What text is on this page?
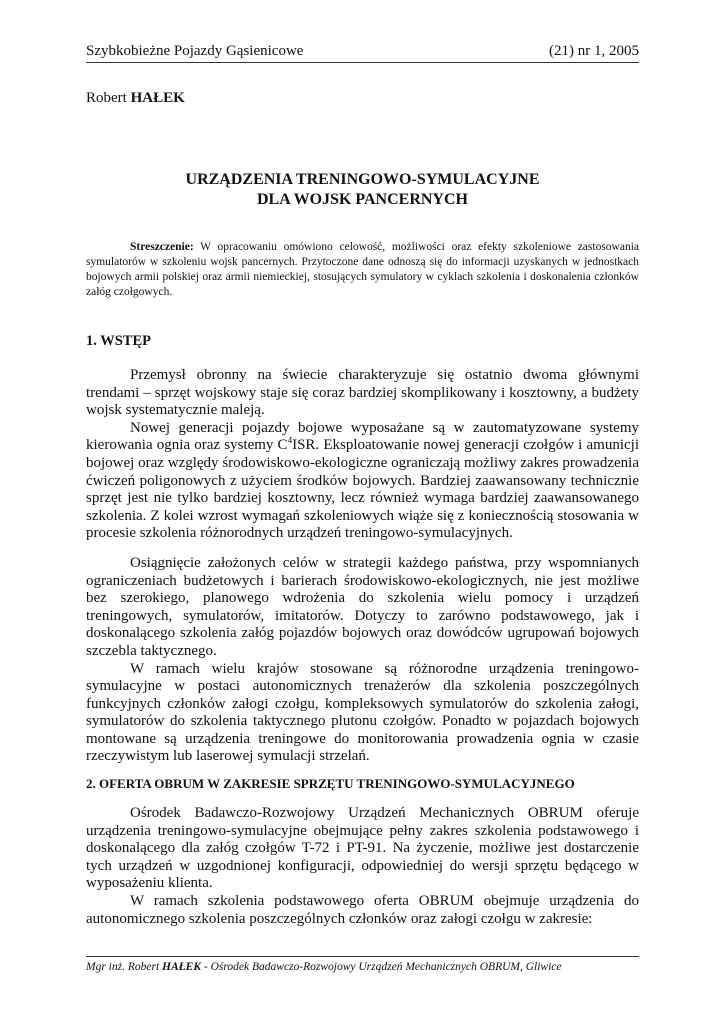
Szybkobieżne Pojazdy Gąsienicowe	(21) nr 1, 2005
Robert HAŁEK
URZĄDZENIA TRENINGOWO-SYMULACYJNE
DLA WOJSK PANCERNYCH
Streszczenie: W opracowaniu omówiono celowość, możliwości oraz efekty szkoleniowe zastosowania symulatorów w szkoleniu wojsk pancernych. Przytoczone dane odnoszą się do informacji uzyskanych w jednostkach bojowych armii polskiej oraz armii niemieckiej, stosujących symulatory w cyklach szkolenia i doskonalenia członków załóg czołgowych.
1. WSTĘP

Przemysł obronny na świecie charakteryzuje się ostatnio dwoma głównymi trendami – sprzęt wojskowy staje się coraz bardziej skomplikowany i kosztowny, a budżety wojsk systematycznie maleją.

Nowej generacji pojazdy bojowe wyposażane są w zautomatyzowane systemy kierowania ognia oraz systemy $C^4ISR$. Eksploatowanie nowej generacji czołgów i amunicji bojowej oraz względy środowiskowo-ekologiczne ograniczają możliwy zakres prowadzenia ćwiczeń poligonowych z użyciem środków bojowych. Bardziej zaawansowany technicznie sprzęt jest nie tylko bardziej kosztowny, lecz również wymaga bardziej zaawansowanego szkolenia. Z kolei wzrost wymagań szkoleniowych wiąże się z koniecznością stosowania w procesie szkolenia różnorodnych urządzeń treningowo-symulacyjnych.

Osiągnięcie założonych celów w strategii każdego państwa, przy wspomnianych ograniczeniach budżetowych i barierach środowiskowo-ekologicznych, nie jest możliwe bez szerokiego, planowego wdrożenia do szkolenia wielu pomocy i urządzeń treningowych, symulatorów, imitatorów. Dotyczy to zarówno podstawowego, jak i doskonalącego szkolenia załóg pojazdów bojowych oraz dowódców ugrupowań bojowych szczebla taktycznego.

W ramach wielu krajów stosowane są różnorodne urządzenia treningowo-symulacyjne w postaci autonomicznych trenażerów dla szkolenia poszczególnych funkcyjnych członków załogi czołgu, kompleksowych symulatorów do szkolenia załogi, symulatorów do szkolenia taktycznego plutonu czołgów. Ponadto w pojazdach bojowych montowane są urządzenia treningowe do monitorowania prowadzenia ognia w czasie rzeczywistym lub laserowej symulacji strzelań.

2. OFERTA OBRUM W ZAKRESIE SPRZĘTU TRENINGOWO-SYMULACYJNEGO

Ośrodek Badawczo-Rozwojowy Urządzeń Mechanicznych OBRUM oferuje urządzenia treningowo-symulacyjne obejmujące pełny zakres szkolenia podstawowego i doskonalącego dla załóg czołgów T-72 i PT-91. Na życzenie, możliwe jest dostarczenie tych urządzeń w uzgodnionej konfiguracji, odpowiedniej do wersji sprzętu będącego w wyposażeniu klienta.

W ramach szkolenia podstawowego oferta OBRUM obejmuje urządzenia do autonomicznego szkolenia poszczególnych członków oraz załogi czołgu w zakresie:

Mgr inż. Robert HAŁEK - Ośrodek Badawczo-Rozwojowy Urządzeń Mechanicznych OBRUM, Gliwice
